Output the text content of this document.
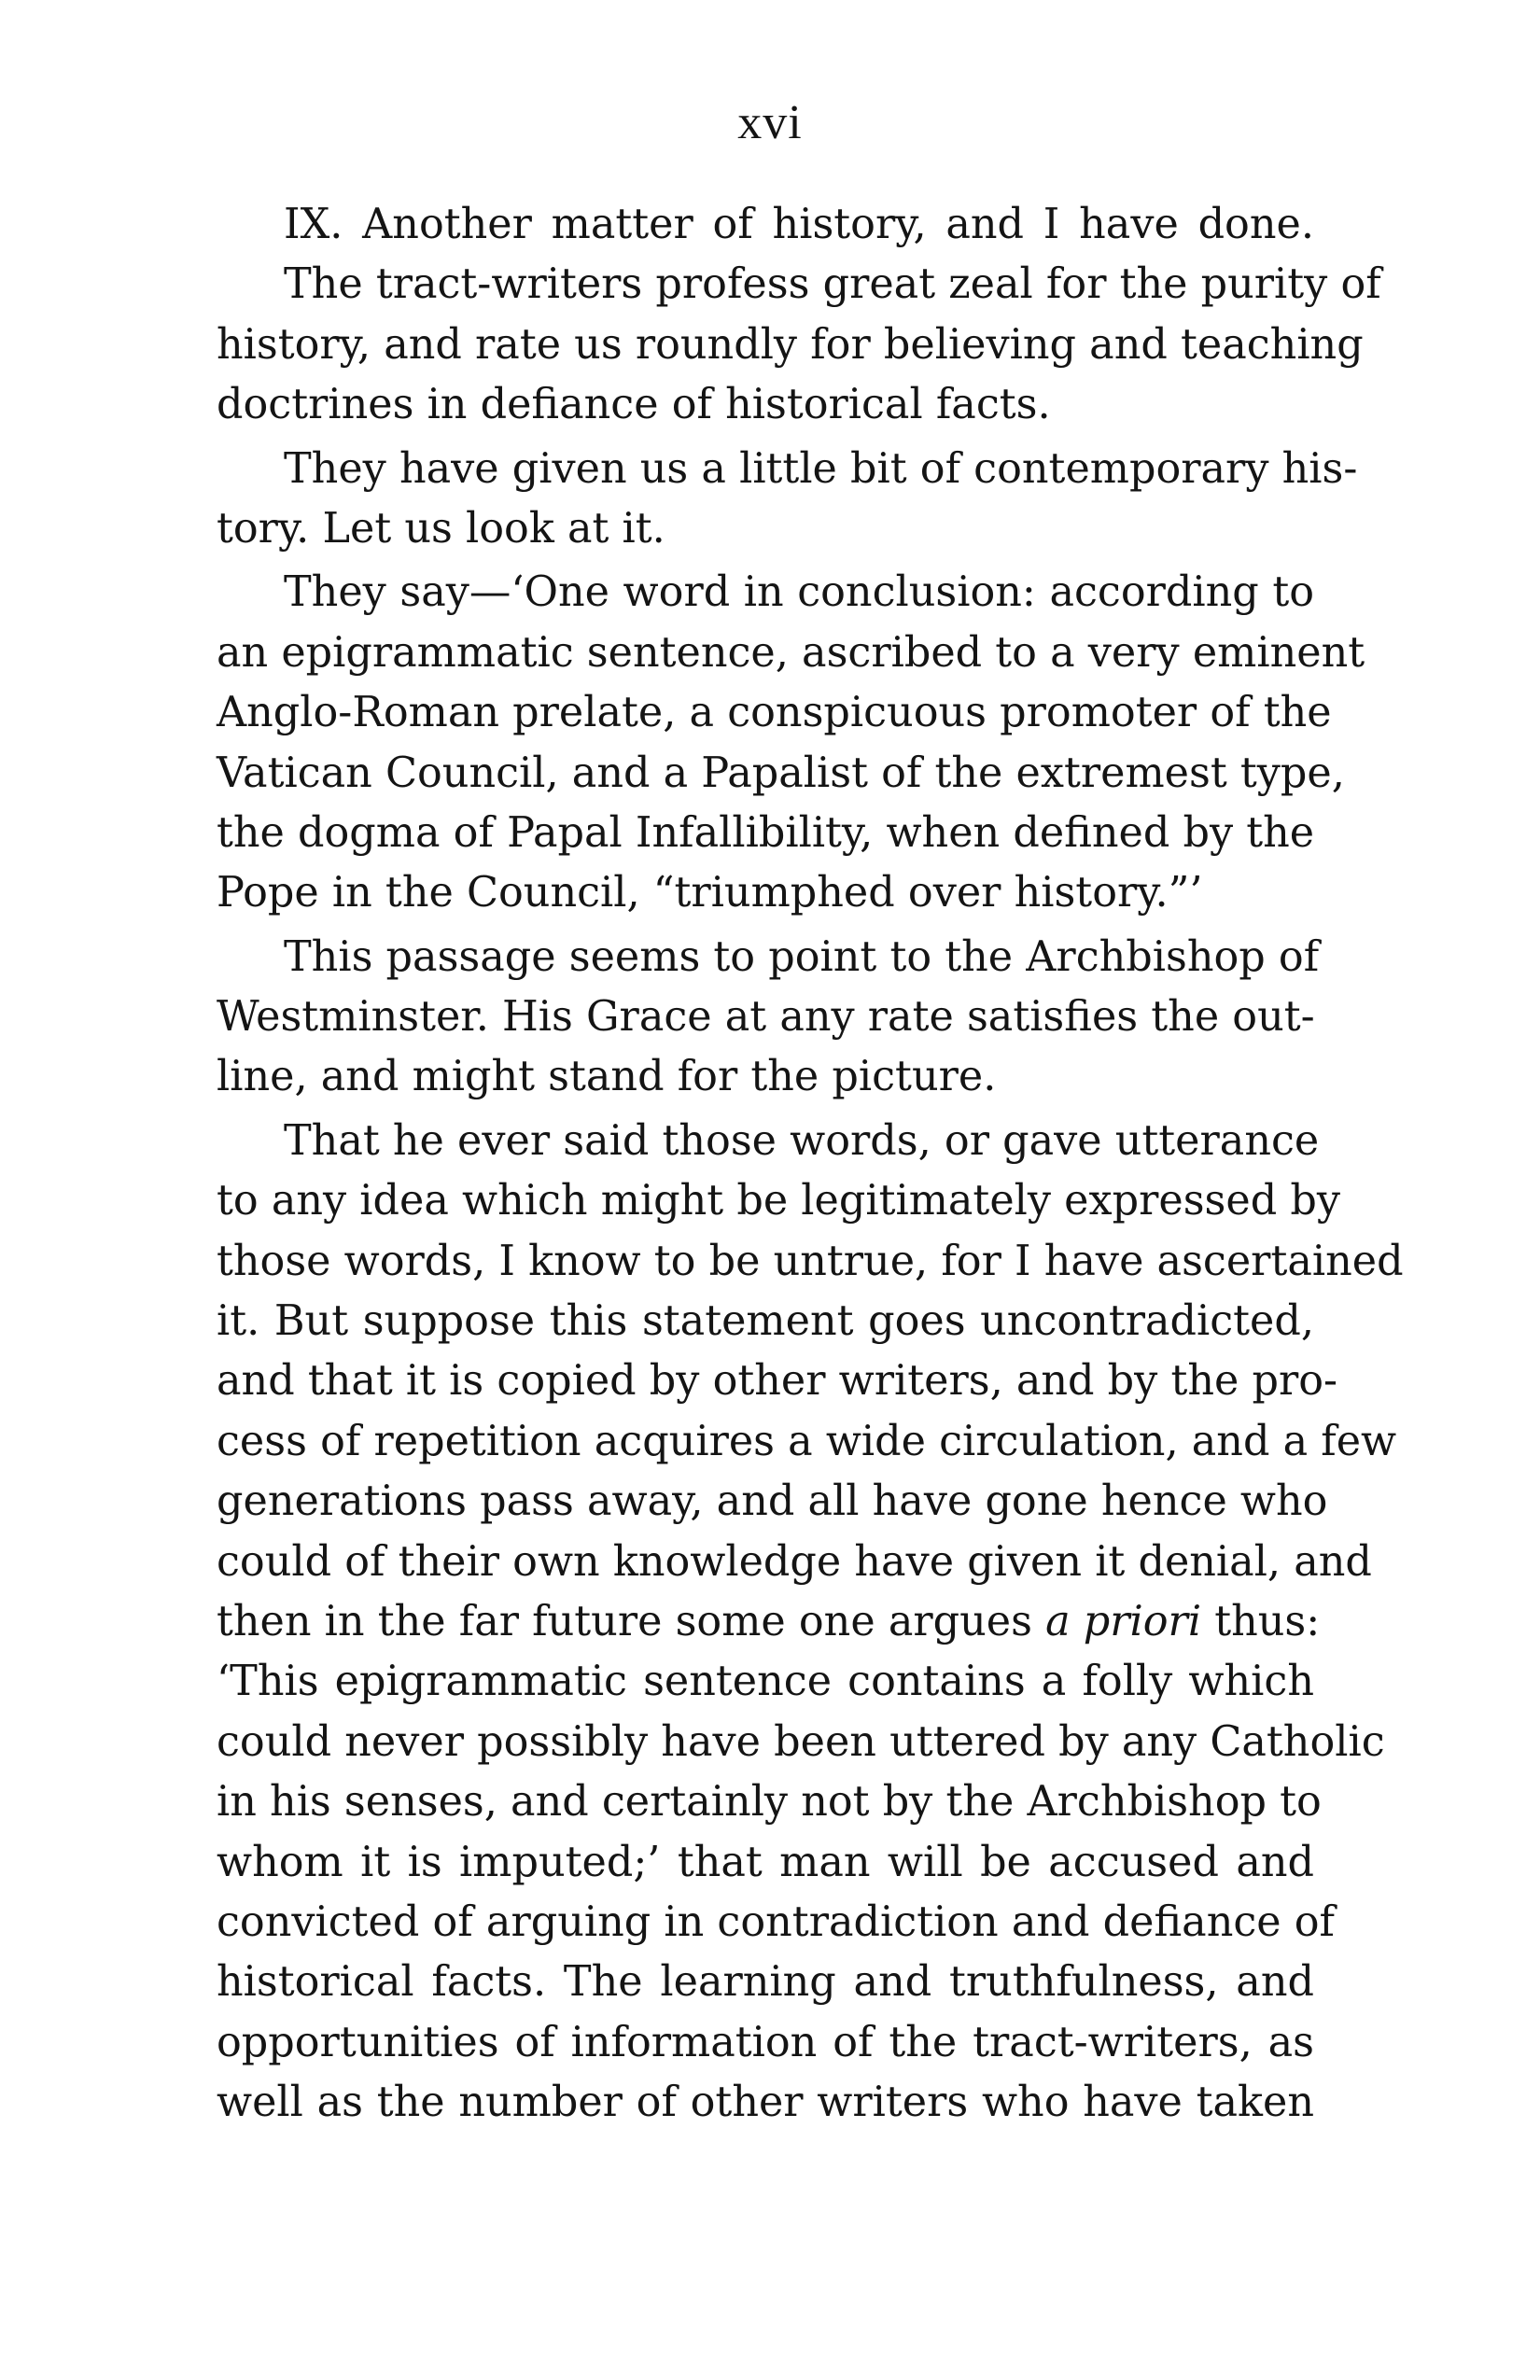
xvi
IX. Another matter of history, and I have done.
The tract-writers profess great zeal for the purity of
history, and rate us roundly for believing and teaching
doctrines in defiance of historical facts.
They have given us a little bit of contemporary his-
tory. Let us look at it.
They say—‘One word in conclusion: according to
an epigrammatic sentence, ascribed to a very eminent
Anglo-Roman prelate, a conspicuous promoter of the
Vatican Council, and a Papalist of the extremest type,
the dogma of Papal Infallibility, when defined by the
Pope in the Council, “triumphed over history.”’
This passage seems to point to the Archbishop of
Westminster. His Grace at any rate satisfies the out-
line, and might stand for the picture.
That he ever said those words, or gave utterance
to any idea which might be legitimately expressed by
those words, I know to be untrue, for I have ascertained
it. But suppose this statement goes uncontradicted,
and that it is copied by other writers, and by the pro-
cess of repetition acquires a wide circulation, and a few
generations pass away, and all have gone hence who
could of their own knowledge have given it denial, and
then in the far future some one argues a priori thus:
‘This epigrammatic sentence contains a folly which
could never possibly have been uttered by any Catholic
in his senses, and certainly not by the Archbishop to
whom it is imputed;’ that man will be accused and
convicted of arguing in contradiction and defiance of
historical facts. The learning and truthfulness, and
opportunities of information of the tract-writers, as
well as the number of other writers who have taken
